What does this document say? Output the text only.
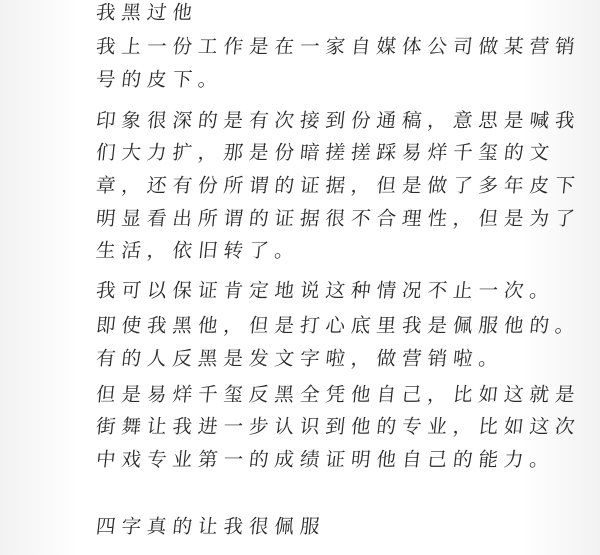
我黑过他
我上一份工作是在一家自媒体公司做某营销
号的皮下。
印象很深的是有次接到份通稿，意思是喊我
们大力扩，那是份暗搓搓踩易烊千玺的文
章，还有份所谓的证据，但是做了多年皮下
明显看出所谓的证据很不合理性，但是为了
生活，依旧转了。
我可以保证肯定地说这种情况不止一次。
即使我黑他，但是打心底里我是佩服他的。
有的人反黑是发文字啦，做营销啦。
但是易烊千玺反黑全凭他自己，比如这就是
街舞让我进一步认识到他的专业，比如这次
中戏专业第一的成绩证明他自己的能力。
四字真的让我很佩服
